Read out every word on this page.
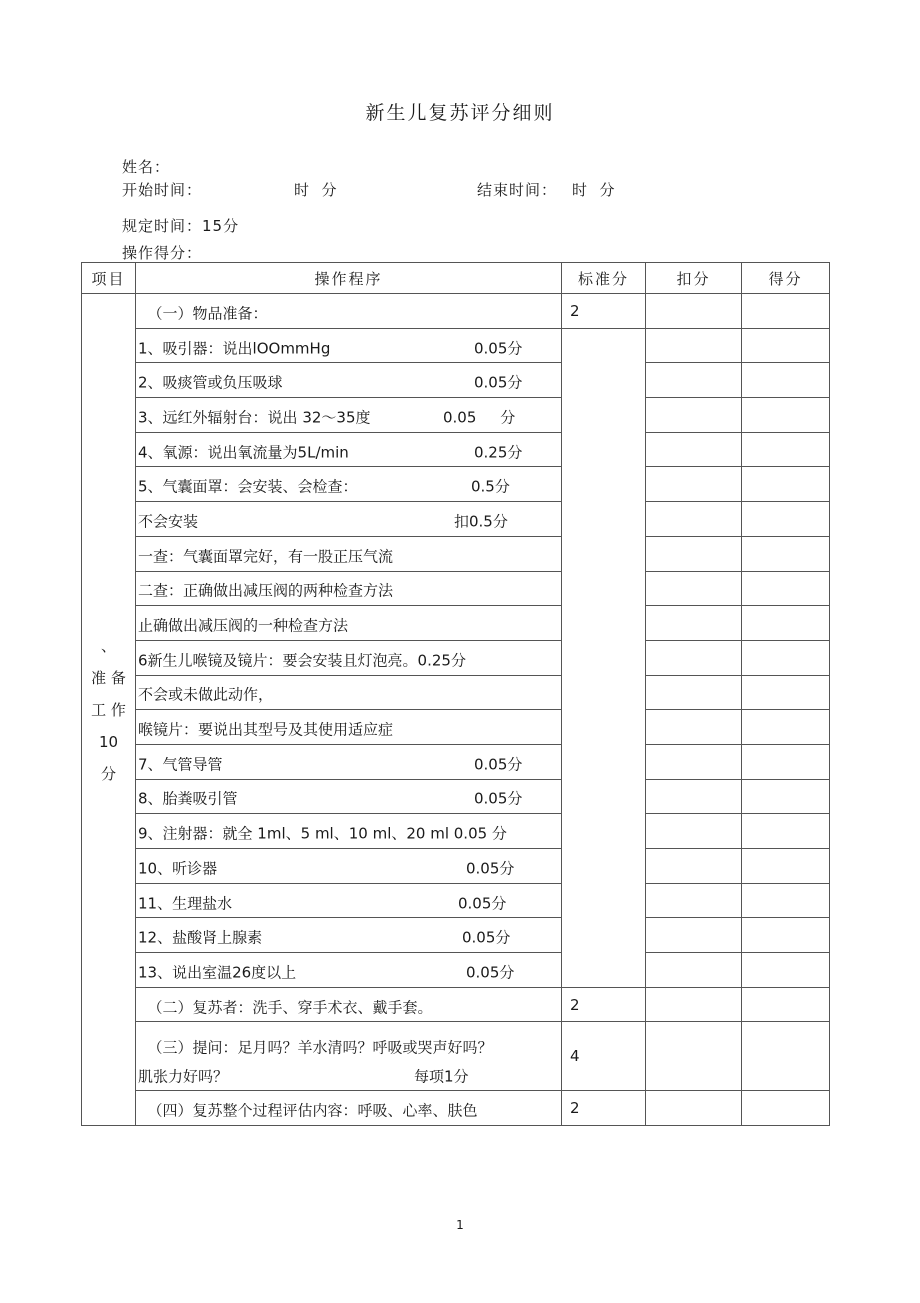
新生儿复苏评分细则
姓名：
开始时间：	时  分	结束时间： 时  分
规定时间：15分
操作得分：
项目	操作程序	标准分	扣分	得分

、
准 备
工 作
10
分	（一）物品准备：	2		

	1、吸引器：说出lOOmmHg 0.05分			

	2、吸痰管或负压吸球 0.05分			

	3、远红外辐射台：说出 32～35度 0.05     分			

	4、氧源：说出氧流量为5L/min 0.25分			

	5、气囊面罩：会安装、会检查： 0.5分			

	不会安装 扣0.5分			

	一查：气囊面罩完好，有一股正压气流			

	二查：正确做出减压阀的两种检查方法			

	止确做出减压阀的一种检查方法			

	6新生儿喉镜及镜片：要会安装且灯泡亮。0.25分			

	不会或未做此动作，			

	喉镜片：要说出其型号及其使用适应症			

	7、气管导管 0.05分			

	8、胎粪吸引管 0.05分			

	9、注射器：就全 1ml、5 ml、10 ml、20 ml 0.05 分			

	10、听诊器 0.05分			

	11、生理盐水 0.05分			

	12、盐酸肾上腺素 0.05分			

	13、说出室温26度以上 0.05分			

	（二）复苏者：洗手、穿手术衣、戴手套。	2		

	（三）提问：足月吗？羊水清吗？呼吸或哭声好吗？
肌张力好吗？ 每项1分	4		

	（四）复苏整个过程评估内容：呼吸、心率、肤色	2		
1
